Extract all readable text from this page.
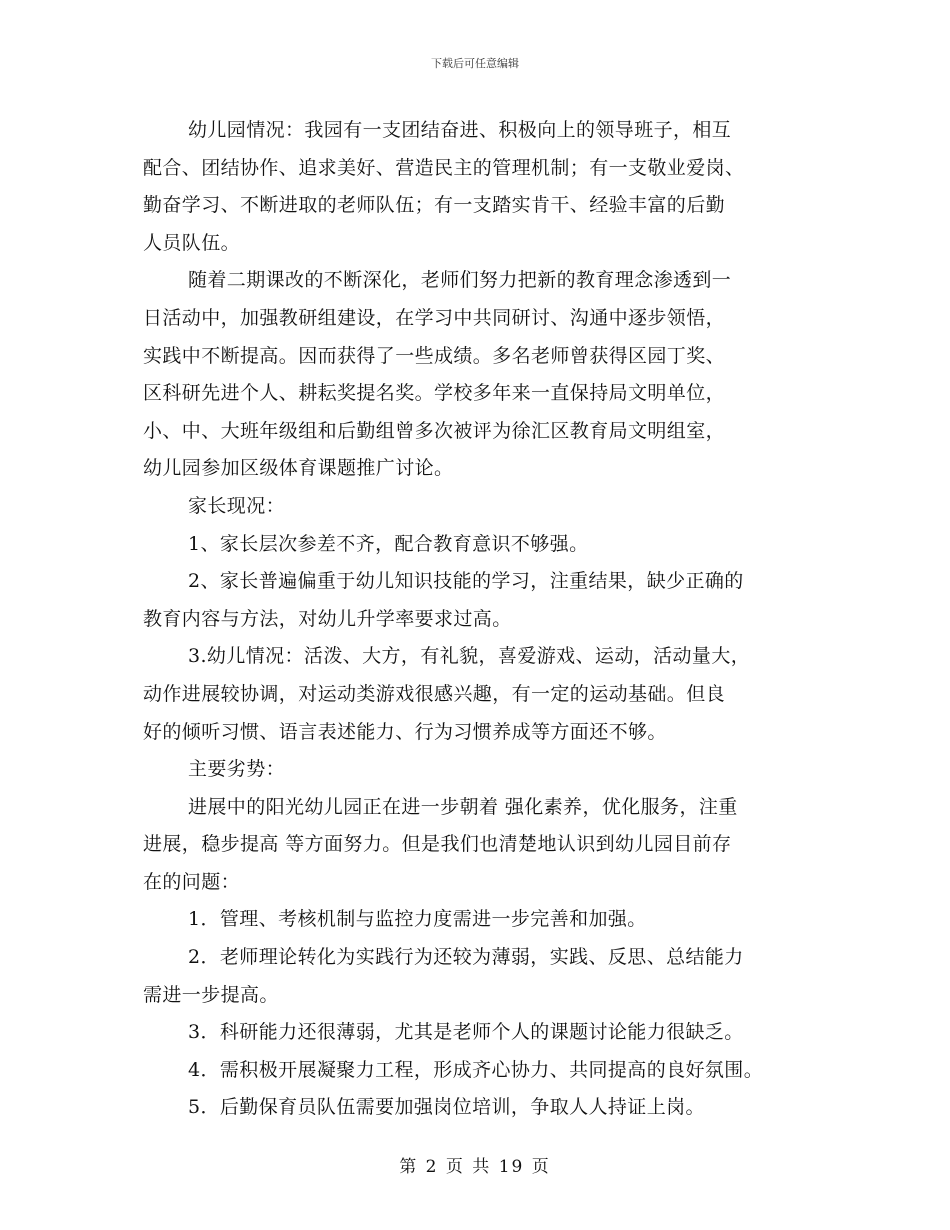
下载后可任意编辑
幼儿园情况：我园有一支团结奋进、积极向上的领导班子，相互
配合、团结协作、追求美好、营造民主的管理机制；有一支敬业爱岗、
勤奋学习、不断进取的老师队伍；有一支踏实肯干、经验丰富的后勤
人员队伍。
随着二期课改的不断深化，老师们努力把新的教育理念渗透到一
日活动中，加强教研组建设，在学习中共同研讨、沟通中逐步领悟，
实践中不断提高。因而获得了一些成绩。多名老师曾获得区园丁奖、
区科研先进个人、耕耘奖提名奖。学校多年来一直保持局文明单位，
小、中、大班年级组和后勤组曾多次被评为徐汇区教育局文明组室，
幼儿园参加区级体育课题推广讨论。
家长现况：
1、家长层次参差不齐，配合教育意识不够强。
2、家长普遍偏重于幼儿知识技能的学习，注重结果，缺少正确的
教育内容与方法，对幼儿升学率要求过高。
3.幼儿情况：活泼、大方，有礼貌，喜爱游戏、运动，活动量大，
动作进展较协调，对运动类游戏很感兴趣，有一定的运动基础。但良
好的倾听习惯、语言表述能力、行为习惯养成等方面还不够。
主要劣势：
进展中的阳光幼儿园正在进一步朝着 强化素养，优化服务，注重
进展，稳步提高 等方面努力。但是我们也清楚地认识到幼儿园目前存
在的问题：
1．管理、考核机制与监控力度需进一步完善和加强。
2．老师理论转化为实践行为还较为薄弱，实践、反思、总结能力
需进一步提高。
3．科研能力还很薄弱，尤其是老师个人的课题讨论能力很缺乏。
4．需积极开展凝聚力工程，形成齐心协力、共同提高的良好氛围。
5．后勤保育员队伍需要加强岗位培训，争取人人持证上岗。
第 2 页 共 19 页
